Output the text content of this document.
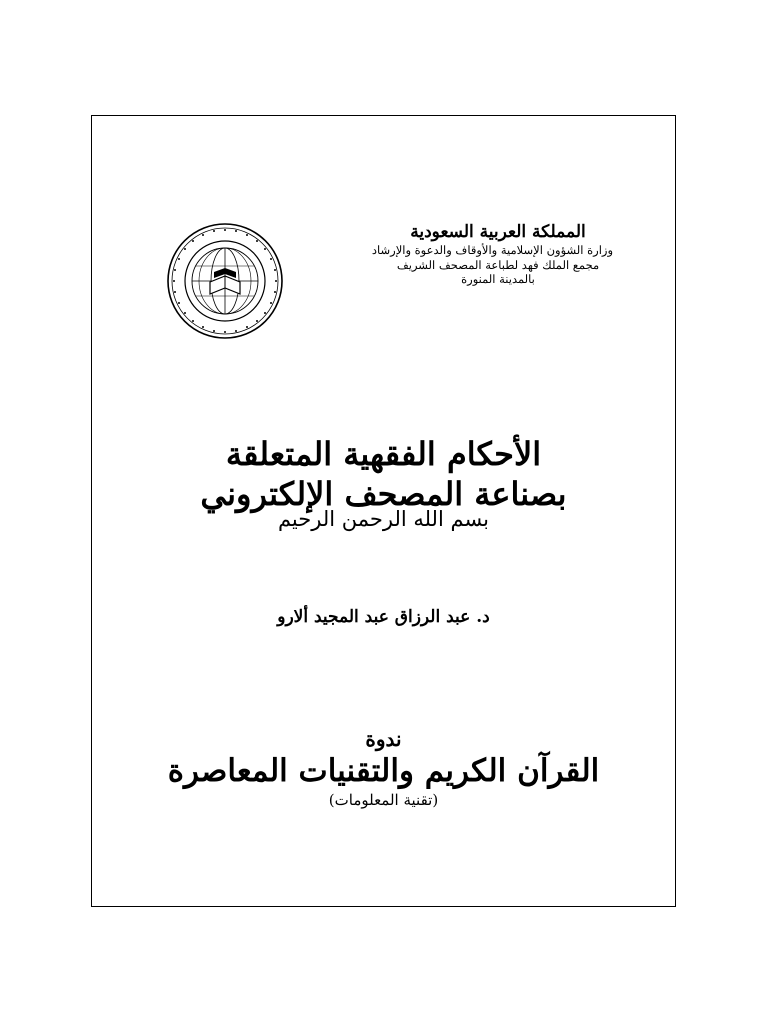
المملكة العربية السعودية
وزارة الشؤون الإسلامية والأوقاف والدعوة والإرشاد
مجمع الملك فهد لطباعة المصحف الشريف
بالمدينة المنورة
الأحكام الفقهية المتعلقة
بصناعة المصحف الإلكتروني
بسم الله الرحمن الرحيم
د. عبد الرزاق عبد المجيد ألارو
ندوة
القرآن الكريم والتقنيات المعاصرة
(تقنية المعلومات)
